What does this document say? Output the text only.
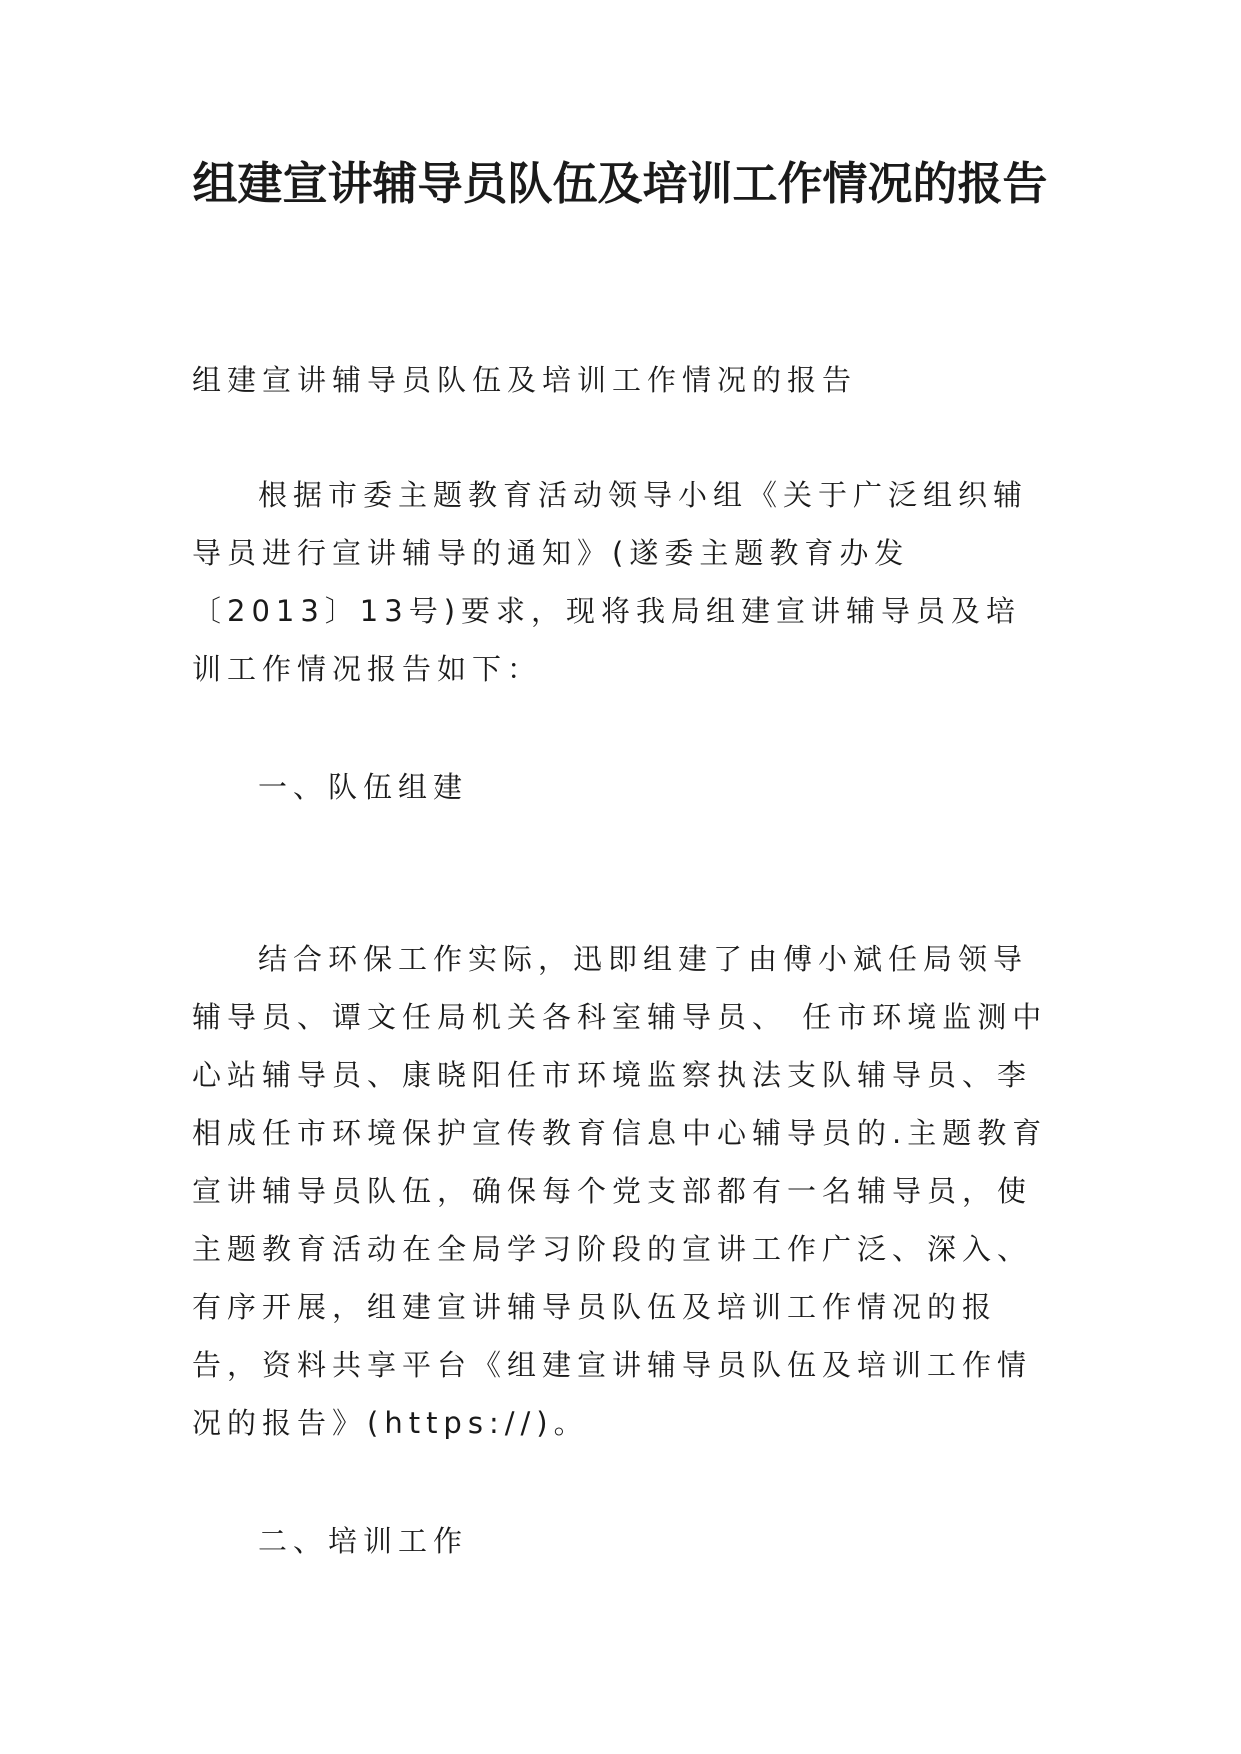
组建宣讲辅导员队伍及培训工作情况的报告

组建宣讲辅导员队伍及培训工作情况的报告

根据市委主题教育活动领导小组《关于广泛组织辅导员进行宣讲辅导的通知》(遂委主题教育办发〔2013〕13号)要求，现将我局组建宣讲辅导员及培训工作情况报告如下：

一、队伍组建

结合环保工作实际，迅即组建了由傅小斌任局领导辅导员、谭文任局机关各科室辅导员、 任市环境监测中心站辅导员、康晓阳任市环境监察执法支队辅导员、李相成任市环境保护宣传教育信息中心辅导员的.主题教育宣讲辅导员队伍，确保每个党支部都有一名辅导员，使主题教育活动在全局学习阶段的宣讲工作广泛、深入、有序开展，组建宣讲辅导员队伍及培训工作情况的报告，资料共享平台《组建宣讲辅导员队伍及培训工作情况的报告》(https://)。

二、培训工作
